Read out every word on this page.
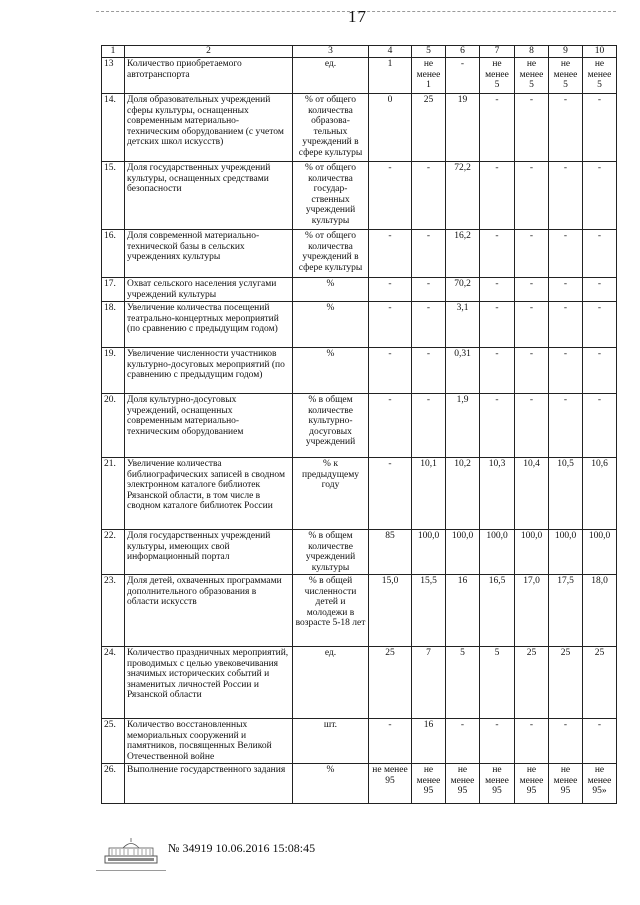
17
1	2	3	4	5	6	7	8	9	10
13	Количество приобретаемого автотранспорта	ед.	1	не менее 1	-	не менее 5	не менее 5	не менее 5	не менее 5
14.	Доля образовательных учреждений сферы культуры, оснащенных современным материально-техническим оборудованием (с учетом детских школ искусств)	% от общего количества образова-тельных учреждений в сфере культуры	0	25	19	-	-	-	-
15.	Доля государственных учреждений культуры, оснащенных средствами безопасности	% от общего количества государ-ственных учреждений культуры	-	-	72,2	-	-	-	-
16.	Доля современной материально-технической базы в сельских учреждениях культуры	% от общего количества учреждений в сфере культуры	-	-	16,2	-	-	-	-
17.	Охват сельского населения услугами учреждений культуры	%	-	-	70,2	-	-	-	-
18.	Увеличение количества посещений театрально-концертных мероприятий (по сравнению с предыдущим годом)	%	-	-	3,1	-	-	-	-
19.	Увеличение численности участников культурно-досуговых мероприятий (по сравнению с предыдущим годом)	%	-	-	0,31	-	-	-	-
20.	Доля культурно-досуговых учреждений, оснащенных современным материально-техническим оборудованием	% в общем количестве культурно-досуговых учреждений	-	-	1,9	-	-	-	-
21.	Увеличение количества библиографических записей в сводном электронном каталоге библиотек Рязанской области, в том числе в сводном каталоге библиотек России	% к предыдущему году	-	10,1	10,2	10,3	10,4	10,5	10,6
22.	Доля государственных учреждений культуры, имеющих свой информационный портал	% в общем количестве учреждений культуры	85	100,0	100,0	100,0	100,0	100,0	100,0
23.	Доля детей, охваченных программами дополнительного образования в области искусств	% в общей численности детей и молодежи в возрасте 5-18 лет	15,0	15,5	16	16,5	17,0	17,5	18,0
24.	Количество праздничных мероприятий, проводимых с целью увековечивания значимых исторических событий и знаменитых личностей России и Рязанской области	ед.	25	7	5	5	25	25	25
25.	Количество восстановленных мемориальных сооружений и памятников, посвященных Великой Отечественной войне	шт.	-	16	-	-	-	-	-
26.	Выполнение государственного задания	%	не менее 95	не менее 95	не менее 95	не менее 95	не менее 95	не менее 95	не менее 95»
№ 34919 10.06.2016 15:08:45
